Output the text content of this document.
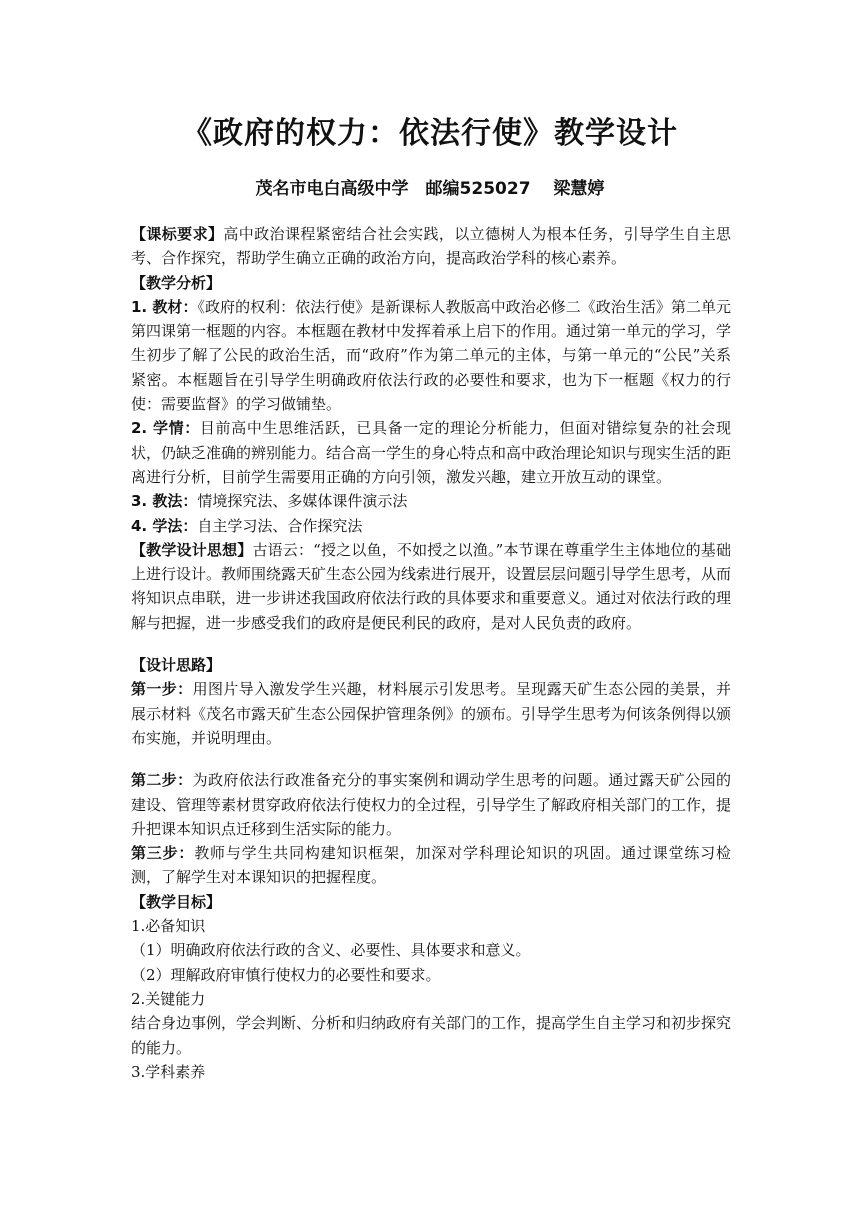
《政府的权力：依法行使》教学设计
茂名市电白高级中学　邮编525027　 梁慧婷

【课标要求】高中政治课程紧密结合社会实践，以立德树人为根本任务，引导学生自主思考、合作探究，帮助学生确立正确的政治方向，提高政治学科的核心素养。

【教学分析】

1. 教材：《政府的权利：依法行使》是新课标人教版高中政治必修二《政治生活》第二单元第四课第一框题的内容。本框题在教材中发挥着承上启下的作用。通过第一单元的学习，学生初步了解了公民的政治生活，而“政府”作为第二单元的主体，与第一单元的“公民”关系紧密。本框题旨在引导学生明确政府依法行政的必要性和要求，也为下一框题《权力的行使：需要监督》的学习做铺垫。

2. 学情：目前高中生思维活跃，已具备一定的理论分析能力，但面对错综复杂的社会现状，仍缺乏准确的辨别能力。结合高一学生的身心特点和高中政治理论知识与现实生活的距离进行分析，目前学生需要用正确的方向引领，激发兴趣，建立开放互动的课堂。

3. 教法：情境探究法、多媒体课件演示法

4. 学法：自主学习法、合作探究法

【教学设计思想】古语云：“授之以鱼，不如授之以渔。”本节课在尊重学生主体地位的基础上进行设计。教师围绕露天矿生态公园为线索进行展开，设置层层问题引导学生思考，从而将知识点串联，进一步讲述我国政府依法行政的具体要求和重要意义。通过对依法行政的理解与把握，进一步感受我们的政府是便民利民的政府，是对人民负责的政府。

【设计思路】

第一步：用图片导入激发学生兴趣，材料展示引发思考。呈现露天矿生态公园的美景，并展示材料《茂名市露天矿生态公园保护管理条例》的颁布。引导学生思考为何该条例得以颁布实施，并说明理由。

第二步：为政府依法行政准备充分的事实案例和调动学生思考的问题。通过露天矿公园的建设、管理等素材贯穿政府依法行使权力的全过程，引导学生了解政府相关部门的工作，提升把课本知识点迁移到生活实际的能力。

第三步：教师与学生共同构建知识框架，加深对学科理论知识的巩固。通过课堂练习检测，了解学生对本课知识的把握程度。

【教学目标】

1.必备知识

（1）明确政府依法行政的含义、必要性、具体要求和意义。

（2）理解政府审慎行使权力的必要性和要求。

2.关键能力

结合身边事例，学会判断、分析和归纳政府有关部门的工作，提高学生自主学习和初步探究的能力。

3.学科素养
